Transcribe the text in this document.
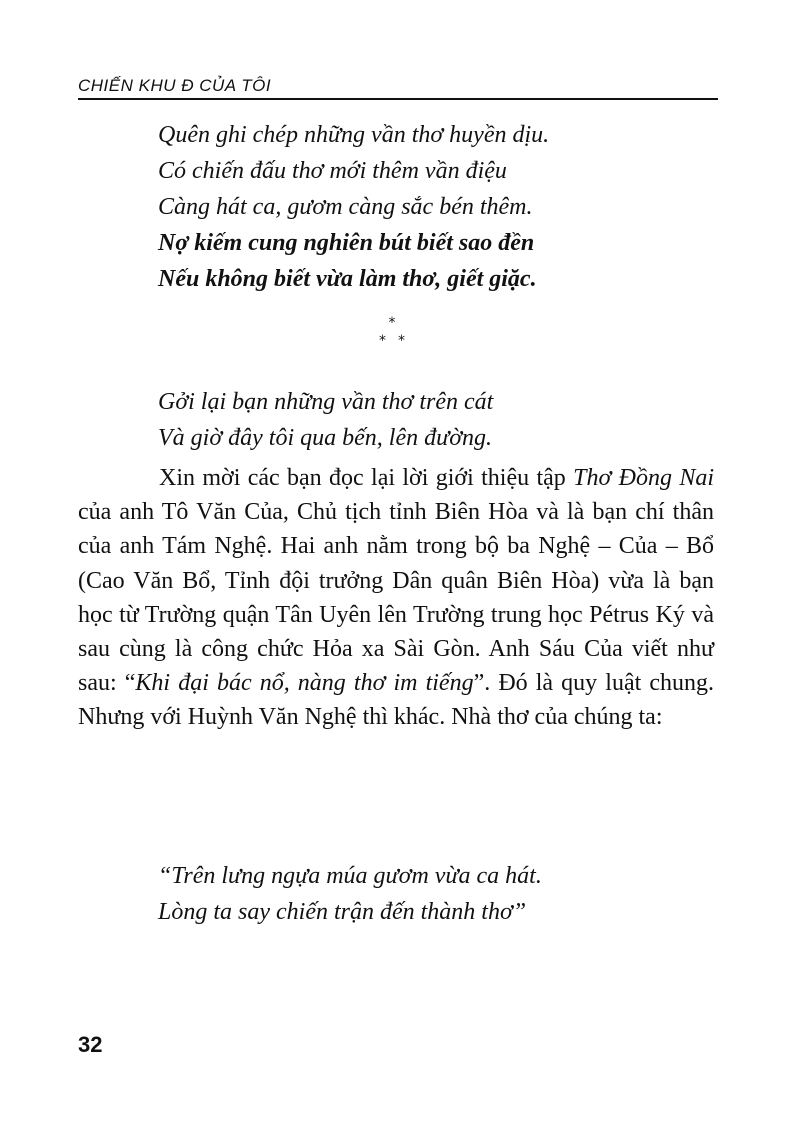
CHIẾN KHU Đ CỦA TÔI
Quên ghi chép những vần thơ huyền dịu.
Có chiến đấu thơ mới thêm vần điệu
Càng hát ca, gươm càng sắc bén thêm.
Nợ kiếm cung nghiên bút biết sao đền
Nếu không biết vừa làm thơ, giết giặc.
*
**
Gởi lại bạn những vần thơ trên cát
Và giờ đây tôi qua bến, lên đường.

Xin mời các bạn đọc lại lời giới thiệu tập Thơ Đồng Nai của anh Tô Văn Của, Chủ tịch tỉnh Biên Hòa và là bạn chí thân của anh Tám Nghệ. Hai anh nằm trong bộ ba Nghệ – Của – Bổ (Cao Văn Bổ, Tỉnh đội trưởng Dân quân Biên Hòa) vừa là bạn học từ Trường quận Tân Uyên lên Trường trung học Pétrus Ký và sau cùng là công chức Hỏa xa Sài Gòn. Anh Sáu Của viết như sau: “Khi đại bác nổ, nàng thơ im tiếng”. Đó là quy luật chung. Nhưng với Huỳnh Văn Nghệ thì khác. Nhà thơ của chúng ta:

“Trên lưng ngựa múa gươm vừa ca hát.
Lòng ta say chiến trận đến thành thơ”
32
